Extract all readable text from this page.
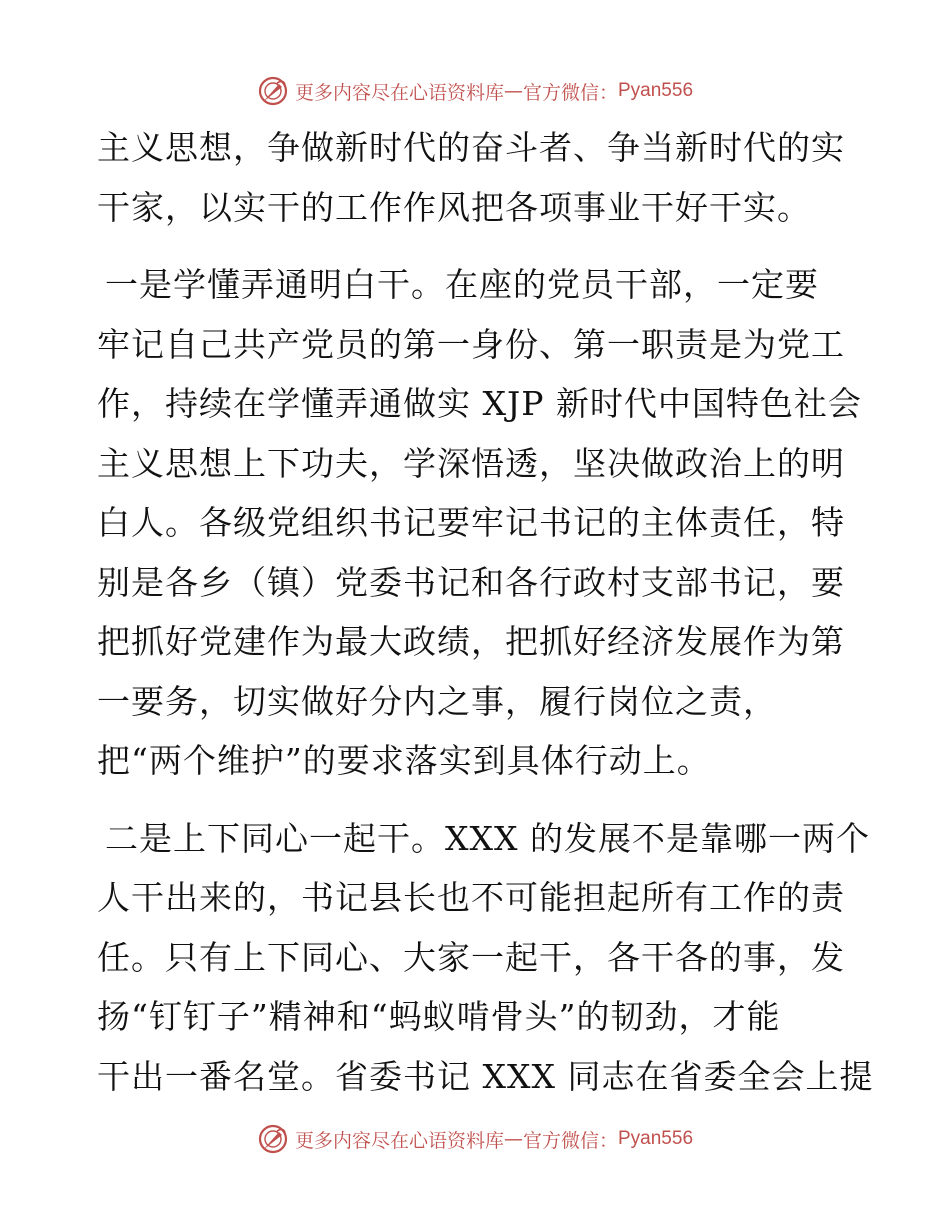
更多内容尽在心语资料库 — 官方微信： Pyan556
主义思想，争做新时代的奋斗者、争当新时代的实
干家，以实干的工作作风把各项事业干好干实。
一是学懂弄通明白干。在座的党员干部，一定要
牢记自己共产党员的第一身份、第一职责是为党工
作，持续在学懂弄通做实 XJP 新时代中国特色社会
主义思想上下功夫，学深悟透，坚决做政治上的明
白人。各级党组织书记要牢记书记的主体责任，特
别是各乡（镇）党委书记和各行政村支部书记，要
把抓好党建作为最大政绩，把抓好经济发展作为第
一要务，切实做好分内之事，履行岗位之责，
把“两个维护”的要求落实到具体行动上。
二是上下同心一起干。XXX 的发展不是靠哪一两个
人干出来的，书记县长也不可能担起所有工作的责
任。只有上下同心、大家一起干，各干各的事，发
扬“钉钉子”精神和“蚂蚁啃骨头”的韧劲，才能
干出一番名堂。省委书记 XXX 同志在省委全会上提
更多内容尽在心语资料库 — 官方微信： Pyan556
